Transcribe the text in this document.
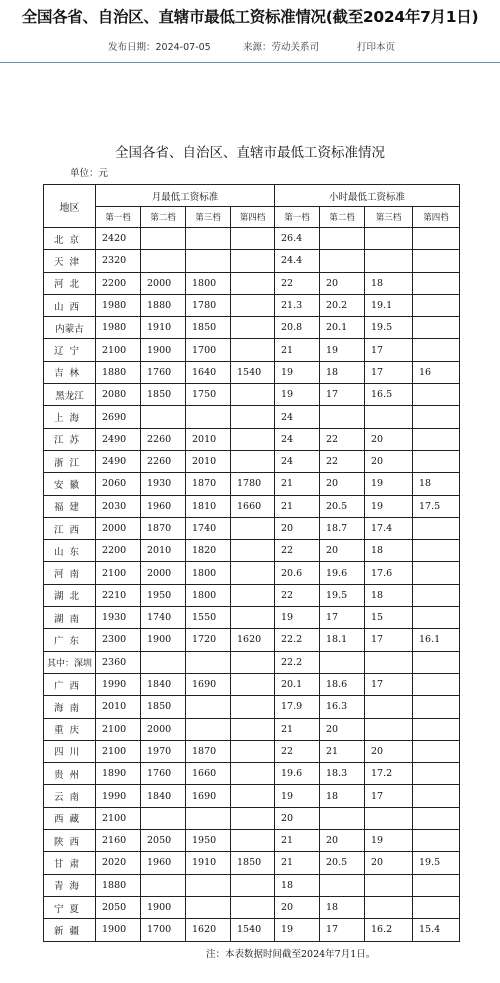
全国各省、自治区、直辖市最低工资标准情况(截至2024年7月1日)
发布日期：2024-07-05	来源：劳动关系司	打印本页
全国各省、自治区、直辖市最低工资标准情况
单位：元
地区	月最低工资标准				小时最低工资标准			
	第一档	第二档	第三档	第四档	第一档	第二档	第三档	第四档
北京	2420				26.4			
天津	2320				24.4			
河北	2200	2000	1800		22	20	18	
山西	1980	1880	1780		21.3	20.2	19.1	
内蒙古	1980	1910	1850		20.8	20.1	19.5	
辽宁	2100	1900	1700		21	19	17	
吉林	1880	1760	1640	1540	19	18	17	16
黑龙江	2080	1850	1750		19	17	16.5	
上海	2690				24			
江苏	2490	2260	2010		24	22	20	
浙江	2490	2260	2010		24	22	20	
安徽	2060	1930	1870	1780	21	20	19	18
福建	2030	1960	1810	1660	21	20.5	19	17.5
江西	2000	1870	1740		20	18.7	17.4	
山东	2200	2010	1820		22	20	18	
河南	2100	2000	1800		20.6	19.6	17.6	
湖北	2210	1950	1800		22	19.5	18	
湖南	1930	1740	1550		19	17	15	
广东	2300	1900	1720	1620	22.2	18.1	17	16.1
其中：深圳	2360				22.2			
广西	1990	1840	1690		20.1	18.6	17	
海南	2010	1850			17.9	16.3		
重庆	2100	2000			21	20		
四川	2100	1970	1870		22	21	20	
贵州	1890	1760	1660		19.6	18.3	17.2	
云南	1990	1840	1690		19	18	17	
西藏	2100				20			
陕西	2160	2050	1950		21	20	19	
甘肃	2020	1960	1910	1850	21	20.5	20	19.5
青海	1880				18			
宁夏	2050	1900			20	18		
新疆	1900	1700	1620	1540	19	17	16.2	15.4
注：本表数据时间截至2024年7月1日。
